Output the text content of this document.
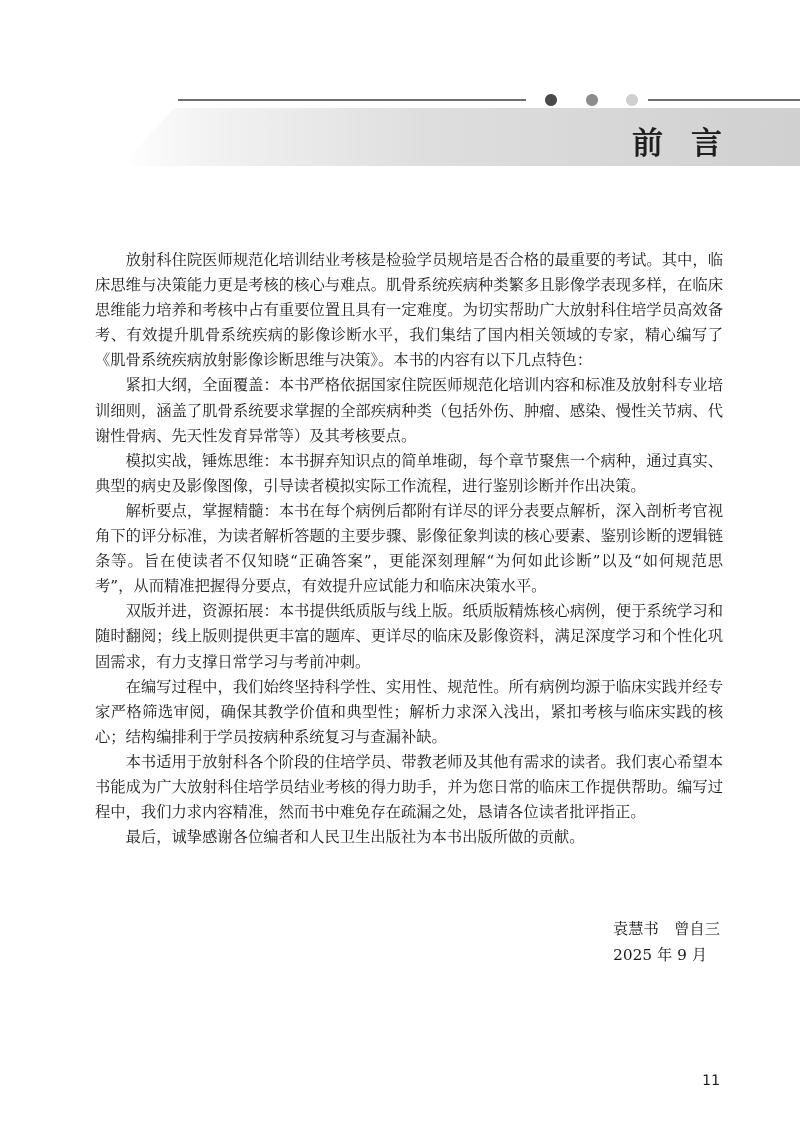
前言

放射科住院医师规范化培训结业考核是检验学员规培是否合格的最重要的考试。其中，临床思维与决策能力更是考核的核心与难点。肌骨系统疾病种类繁多且影像学表现多样，在临床思维能力培养和考核中占有重要位置且具有一定难度。为切实帮助广大放射科住培学员高效备考、有效提升肌骨系统疾病的影像诊断水平，我们集结了国内相关领域的专家，精心编写了《肌骨系统疾病放射影像诊断思维与决策》。本书的内容有以下几点特色：

紧扣大纲，全面覆盖：本书严格依据国家住院医师规范化培训内容和标准及放射科专业培训细则，涵盖了肌骨系统要求掌握的全部疾病种类（包括外伤、肿瘤、感染、慢性关节病、代谢性骨病、先天性发育异常等）及其考核要点。

模拟实战，锤炼思维：本书摒弃知识点的简单堆砌，每个章节聚焦一个病种，通过真实、典型的病史及影像图像，引导读者模拟实际工作流程，进行鉴别诊断并作出决策。

解析要点，掌握精髓：本书在每个病例后都附有详尽的评分表要点解析，深入剖析考官视角下的评分标准，为读者解析答题的主要步骤、影像征象判读的核心要素、鉴别诊断的逻辑链条等。旨在使读者不仅知晓“正确答案”，更能深刻理解“为何如此诊断”以及“如何规范思考”，从而精准把握得分要点，有效提升应试能力和临床决策水平。

双版并进，资源拓展：本书提供纸质版与线上版。纸质版精炼核心病例，便于系统学习和随时翻阅；线上版则提供更丰富的题库、更详尽的临床及影像资料，满足深度学习和个性化巩固需求，有力支撑日常学习与考前冲刺。

在编写过程中，我们始终坚持科学性、实用性、规范性。所有病例均源于临床实践并经专家严格筛选审阅，确保其教学价值和典型性；解析力求深入浅出，紧扣考核与临床实践的核心；结构编排利于学员按病种系统复习与查漏补缺。

本书适用于放射科各个阶段的住培学员、带教老师及其他有需求的读者。我们衷心希望本书能成为广大放射科住培学员结业考核的得力助手，并为您日常的临床工作提供帮助。编写过程中，我们力求内容精准，然而书中难免存在疏漏之处，恳请各位读者批评指正。

最后，诚挚感谢各位编者和人民卫生出版社为本书出版所做的贡献。

袁慧书　曾自三
2025 年 9 月
11
